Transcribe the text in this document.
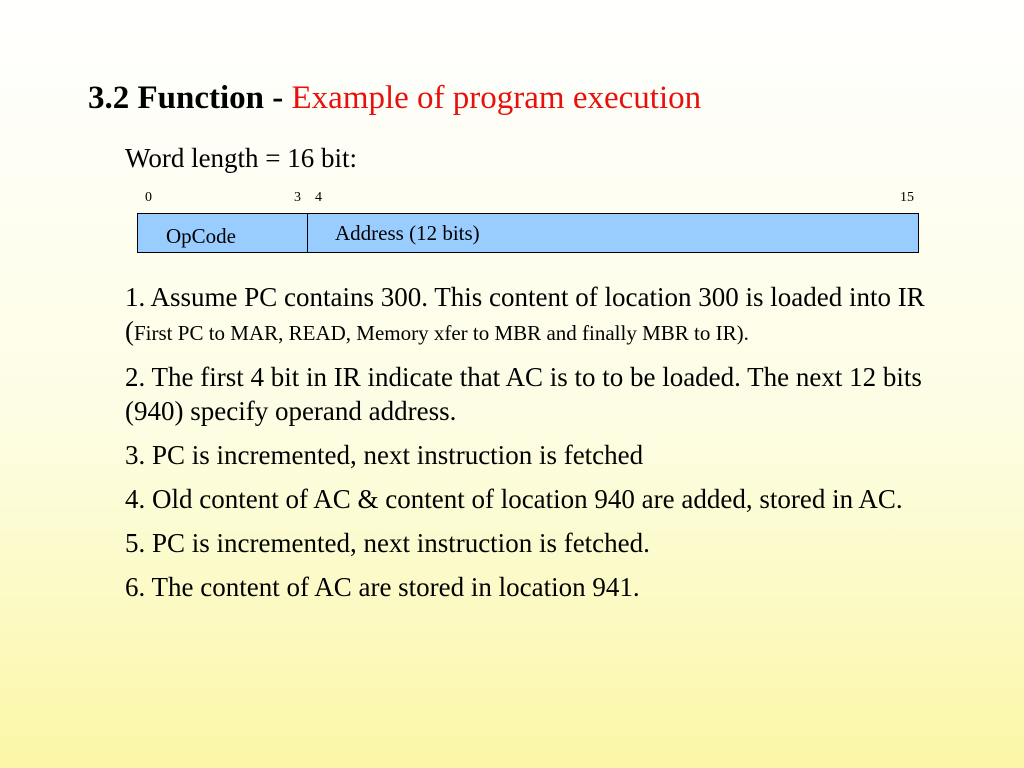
3.2 Function - Example of program execution
Word length = 16 bit:
0	3 4	15
OpCode	Address (12 bits)
1. Assume PC contains 300. This content of location 300 is loaded into IR (First PC to MAR, READ, Memory xfer to MBR and finally MBR to IR).
2. The first 4 bit in IR indicate that AC is to to be loaded. The next 12 bits (940) specify operand address.
3. PC is incremented, next instruction is fetched
4. Old content of AC & content of location 940 are added, stored in AC.
5. PC is incremented, next instruction is fetched.
6. The content of AC are stored in location 941.
